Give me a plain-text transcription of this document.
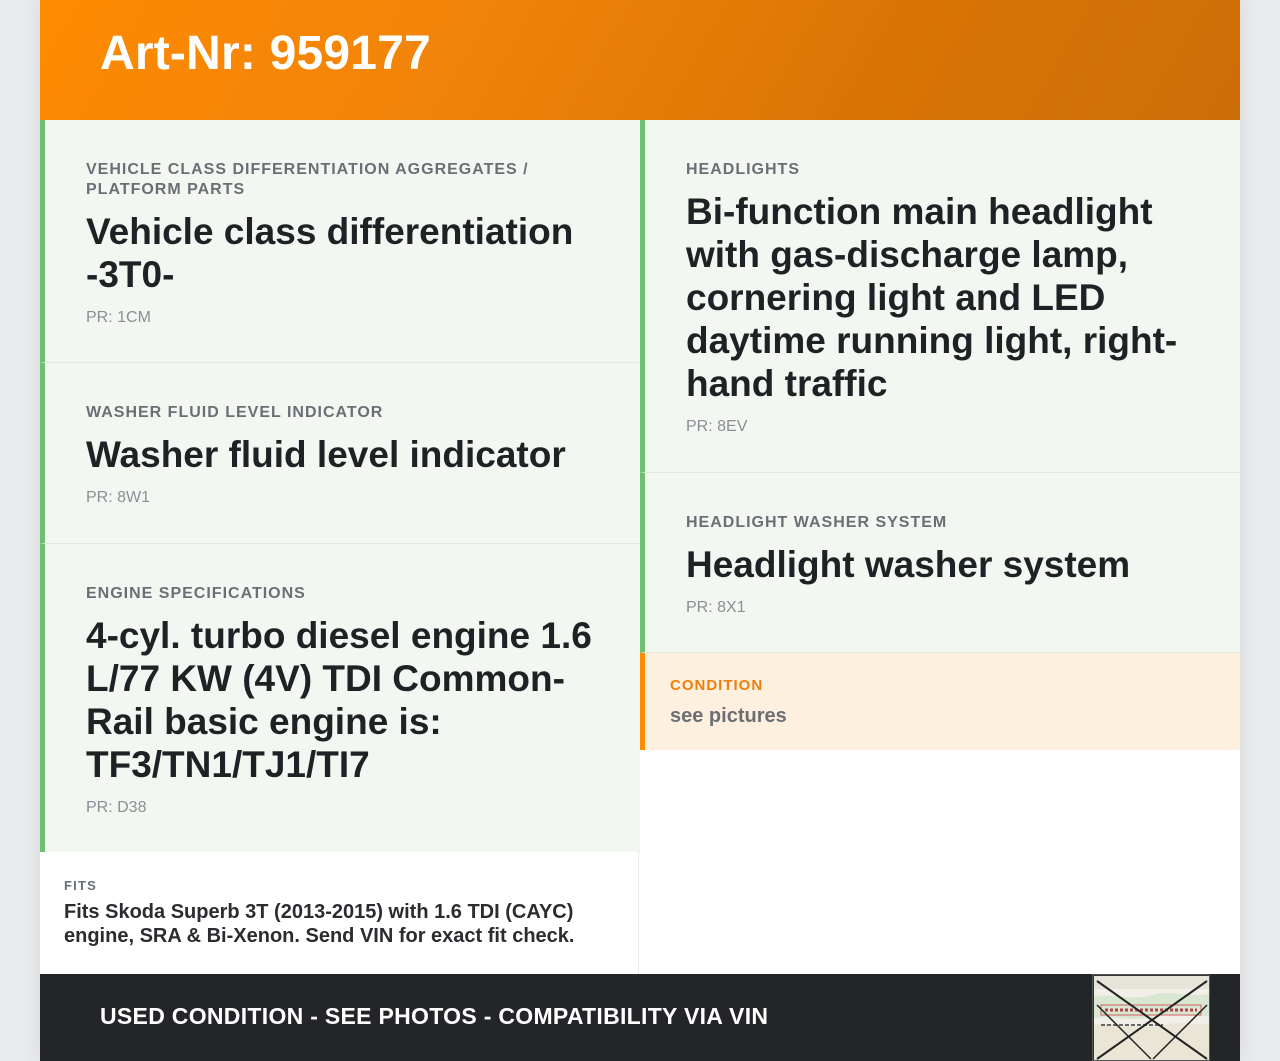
Art-Nr: 959177
VEHICLE CLASS DIFFERENTIATION AGGREGATES / PLATFORM PARTS
Vehicle class differentiation -3T0-
PR: 1CM
WASHER FLUID LEVEL INDICATOR
Washer fluid level indicator
PR: 8W1
ENGINE SPECIFICATIONS
4-cyl. turbo diesel engine 1.6 L/77 KW (4V) TDI Common-Rail basic engine is: TF3/TN1/TJ1/TI7
PR: D38
HEADLIGHTS
Bi-function main headlight with gas-discharge lamp, cornering light and LED daytime running light, right-hand traffic
PR: 8EV
HEADLIGHT WASHER SYSTEM
Headlight washer system
PR: 8X1
CONDITION
see pictures
FITS
Fits Skoda Superb 3T (2013-2015) with 1.6 TDI (CAYC) engine, SRA & Bi-Xenon. Send VIN for exact fit check.
USED CONDITION - SEE PHOTOS - COMPATIBILITY VIA VIN
